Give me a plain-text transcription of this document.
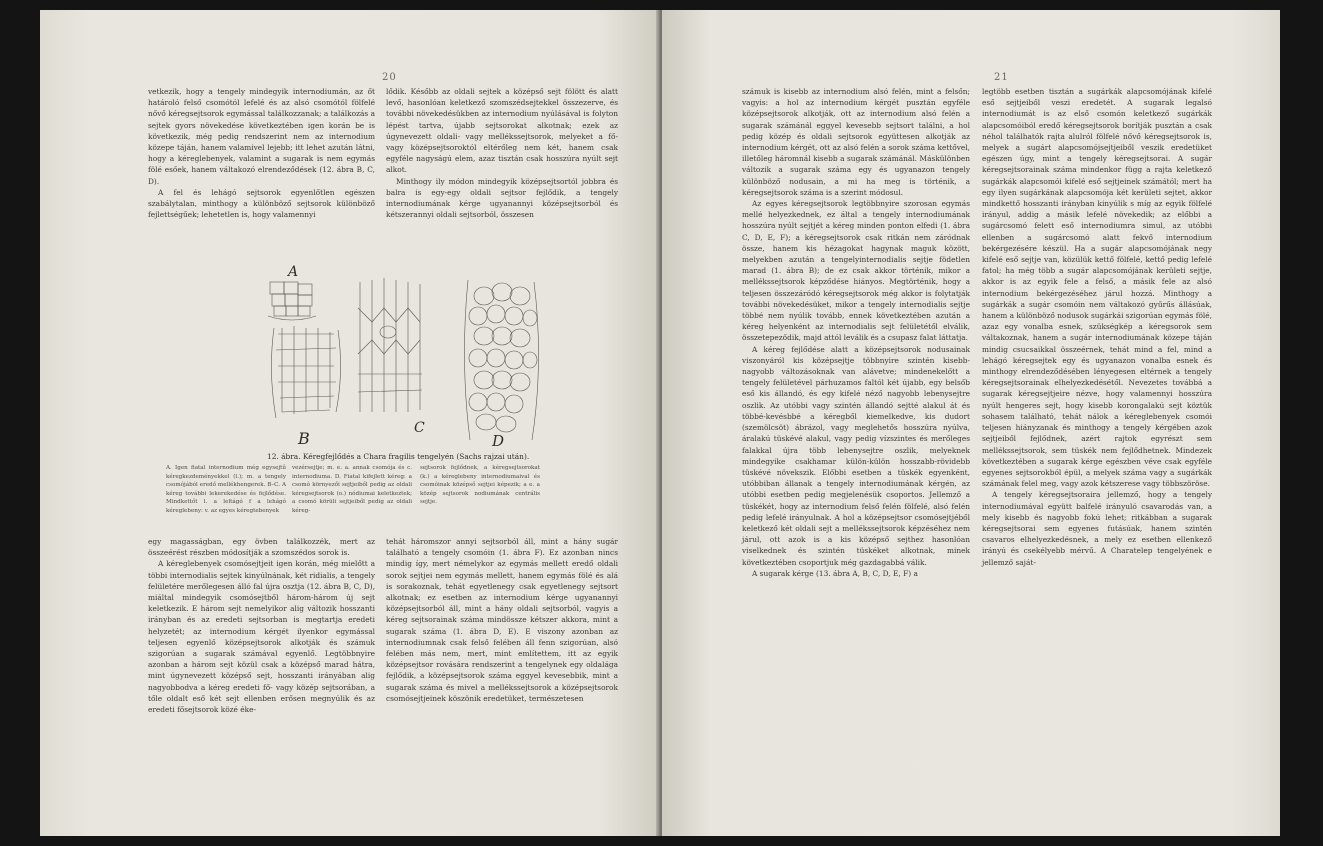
20

vetkezik, hogy a tengely mindegyik internodiumán, az őt határoló felső csomótól lefelé és az alsó csomótól fölfelé nővő kéregsejtsorok egymással találkozzanak; a találkozás a sejtek gyors növekedése következtében igen korán be is következik, még pedig rendszerint nem az internodium közepe táján, hanem valamivel lejebb; itt lehet azután látni, hogy a kéreglebenyek, valamint a sugarak is nem egymás fölé esőek, hanem váltakozó elrendeződések (12. ábra B, C, D).

A fel és lehágó sejtsorok egyenlőtlen egészen szabálytalan, minthogy a különböző sejtsorok különböző fejlettségűek; lehetetlen is, hogy valamennyi

lődik. Később az oldali sejtek a középső sejt fölött és alatt levő, hasonlóan keletkező szomszédsejtekkel összezerve, és további növekedésükben az internodium nyúlásával is folyton lépést tartva, újabb sejtsorokat alkotnak; ezek az úgynevezett oldali- vagy mellékssejtsorok, melyeket a fő- vagy középsejtsoroktól eltérőleg nem két, hanem csak egyféle nagyságú elem, azaz tisztán csak hosszúra nyúlt sejt alkot.

Minthogy ily módon mindegyik középsejtsortól jobbra és balra is egy-egy oldali sejtsor fejlődik, a tengely internodiumának kérge ugyanannyi középsejtsorból és kétszerannyi oldali sejtsorból, összesen

A
B
C
D
12. ábra. Kéregfejlődés a Chara fragilis tengelyén (Sachs rajzai után).
A. Igen fiatal internodium még egysejtű kéregkezdeményekkel (l.); m. a tengely csomójából eredő mellékhengerek. B–C. A kéreg további lekerekedése és fejlődése. Mindkettőt l. a leltágó f a lehágó kéreglebeny: v. az egyes kéregtebenyek
vezérsejtje; m. e. a. annak csomója és c. internodiuma. D. Fiatal kifejlett kéreg: a csomó környezői sejtjeiből pedig az oldali kéregsejtsorok (o.) nódiumai keletkeztek; a csomó körüli sejtjeiből pedig az oldali kéreg-
sejtsorok fejlődnek, a kéregsejtsorokat (k.) a kéreglebeny internodiumaival és csomóinak középső sejtjei képezik; a e. a közép sejtsorok nodiumának centrális sejtje.

egy magasságban, egy övben találkozzék, mert az összeérést részben módosítják a szomszédos sorok is.

A kéreglebenyek csomósejtjeit igen korán, még mielőtt a többi internodialis sejtek kinyúlnának, két ridialis, a tengely felületére merőlegesen álló fal újra osztja (12. ábra B, C, D), miáltal mindegyik csomósejtből három-három új sejt keletkezik. E három sejt nemelyikor alig változik hosszanti irányban és az eredeti sejtsorban is megtartja eredeti helyzetét; az internodium kérgét ilyenkor egymással teljesen egyenlő középsejtsorok alkotják és számuk szigorúan a sugarak számával egyenlő. Legtöbbnyire azonban a három sejt közül csak a középső marad hátra, mint úgynevezett középső sejt, hosszanti irányában alig nagyobbodva a kéreg eredeti fő- vagy közép sejtsorában, a tőle oldalt eső két sejt ellenben erősen megnyúlik és az eredeti fősejtsorok közé éke-

tehát háromszor annyi sejtsorból áll, mint a hány sugár található a tengely csomóin (1. ábra F). Ez azonban nincs mindig így, mert némelykor az egymás mellett eredő oldali sorok sejtjei nem egymás mellett, hanem egymás fölé és alá is sorakoznak, tehát egyetlenegy csak egyetlenegy sejtsort alkotnak; ez esetben az internodium kérge ugyanannyi középsejtsorból áll, mint a hány oldali sejtsorból, vagyis a kéreg sejtsorainak száma mindössze kétszer akkora, mint a sugarak száma (1. ábra D, E). E viszony azonban az internodiumnak csak felső felében áll fenn szigorúan, alsó felében más nem, mert, mint említettem, itt az egyik középsejtsor rovására rendszerint a tengelynek egy oldalága fejlődik, a középsejtsorok száma eggyel kevesebbik, mint a sugarak száma és mivel a mellékssejtsorok a középsejtsorok csomósejtjeinek köszönik eredetüket, természetesen

21

számuk is kisebb az internodium alsó felén, mint a felsőn; vagyis: a hol az internodium kérgét pusztán egyféle középsejtsorok alkotják, ott az internodium alsó felén a sugarak számánál eggyel kevesebb sejtsort találni, a hol pedig közép és oldali sejtsorok együttesen alkotják az internodium kérgét, ott az alsó felén a sorok száma kettővel, illetőleg háromnál kisebb a sugarak számánál. Máskülönben változik a sugarak száma egy és ugyanazon tengely különböző nodusain, a mi ha meg is történik, a kéregsejtsorok száma is a szerint módosul.

Az egyes kéregsejtsorok legtöbbnyire szorosan egymás mellé helyezkednek, ez által a tengely internodiumának hosszúra nyúlt sejtjét a kéreg minden ponton elfedi (1. ábra C, D, E, F); a kéregsejtsorok csak ritkán nem záródnak össze, hanem kis hézagokat hagynak maguk között, melyekben azután a tengelyinternodialis sejtje födetlen marad (1. ábra B); de ez csak akkor történik, mikor a mellékssejtsorok képződése hiányos. Megtörténik, hogy a teljesen összezáródó kéregsejtsorok még akkor is folytatják további növekedésüket, mikor a tengely internodialis sejtje többé nem nyúlik tovább, ennek következtében azután a kéreg helyenként az internodialis sejt felületétől elválik, összetepeződik, majd attól leválik és a csupasz falat láttatja.

A kéreg fejlődése alatt a középsejtsorok nodusainak viszonyáról kis középsejtje többnyire szintén kisebb-nagyobb változásoknak van alávetve; mindenekelőtt a tengely felületével párhuzamos faltól két újabb, egy belsőb eső kis állandó, és egy kifelé néző nagyobb lebenysejtre oszlik. Az utóbbi vagy szintén állandó sejtté alakul át és többé-kevésbbé a kéregből kiemelkedve, kis dudort (szemölcsöt) ábrázol, vagy meglehetős hosszúra nyúlva, áralakú tüskévé alakul, vagy pedig vízszintes és merőleges falakkal újra több lebenysejtre oszlik, melyeknek mindegyike csakhamar külön-külön hosszabb-rövidebb tüskévé növekszik. Előbbi esetben a tüskék egyenként, utóbbiban állanak a tengely internodiumának kérgén, az utóbbi esetben pedig megjelenésük csoportos. Jellemző a tüskékét, hogy az internodium felső felén fölfelé, alsó felén pedig lefelé irányulnak. A hol a középsejtsor csomósejtjéből keletkező két oldali sejt a mellékssejtsorok képzéséhez nem járul, ott azok is a kis középső sejthez hasonlóan viselkednek és szintén tüskéket alkotnak, minek következtében csoportjuk még gazdagabbá válik.

A sugarak kérge (13. ábra A, B, C, D, E, F) a

legtöbb esetben tisztán a sugárkák alapcsomójának kifelé eső sejtjeiből veszi eredetét. A sugarak legalsó internodiumát is az első csomón keletkező sugárkák alapcsomóiból eredő kéregsejtsorok borítják pusztán a csak néhol találhatók rajta alulról fölfelé nővő kéregsejtsorok is, melyek a sugárt alapcsomójsejtjeiből veszik eredetüket egészen úgy, mint a tengely kéregsejtsorai. A sugár kéregsejtsorainak száma mindenkor függ a rajta keletkező sugárkák alapcsomói kifelé eső sejtjeinek számától; mert ha egy ilyen sugárkának alapcsomója két kerületi sejtet, akkor mindkettő hosszanti irányban kinyúlik s míg az egyik fölfelé irányul, addig a másik lefelé növekedik; az előbbi a sugárcsomó felett eső internodiumra simul, az utóbbi ellenben a sugárcsomó alatt fekvő internodium bekérgezésére készül. Ha a sugár alapcsomójának negy kifelé eső sejtje van, közülük kettő fölfelé, kettő pedig lefelé fatol; ha még több a sugár alapcsomójának kerületi sejtje, akkor is az egyik fele a felső, a másik fele az alsó internodium bekérgezéséhez járul hozzá. Minthogy a sugárkák a sugár csomóin nem váltakozó gyűrűs állásúak, hanem a különböző nodusok sugárkái szigorúan egymás fölé, azaz egy vonalba esnek, szükségkép a kéregsorok sem váltakoznak, hanem a sugár internodiumának közepe táján mindig csucsaikkal összeérnek, tehát mind a fel, mind a lehágó kéregsejtek egy és ugyanazon vonalba esnek és minthogy elrendeződésében lényegesen eltérnek a tengely kéregsejtsorainak elhelyezkedésétől. Nevezetes továbbá a sugarak kéregsejtjeire nézve, hogy valamennyi hosszúra nyúlt hengeres sejt, hogy kisebb korongalakú sejt köztük sohasem található, tehát nálok a kéreglebenyek csomói teljesen hiányzanak és minthogy a tengely kérgében azok sejtjeiből fejlődnek, azért rajtok egyrészt sem mellékssejtsorok, sem tüskék nem fejlődhetnek. Mindezek következtében a sugarak kérge egészben véve csak egyféle egyenes sejtsorokból épül, a melyek száma vagy a sugárkák számának felel meg, vagy azok kétszerese vagy többszöröse.

A tengely kéregsejtsoraira jellemző, hogy a tengely internodiumával együtt balfelé irányuló csavarodás van, a mely kisebb és nagyobb fokú lehet; ritkábban a sugarak kéregsejtsorai sem egyenes futásúak, hanem szintén csavaros elhelyezkedésnek, a mely ez esetben ellenkező irányú és csekélyebb mérvű. A Charatelep tengelyének e jellemző saját-
